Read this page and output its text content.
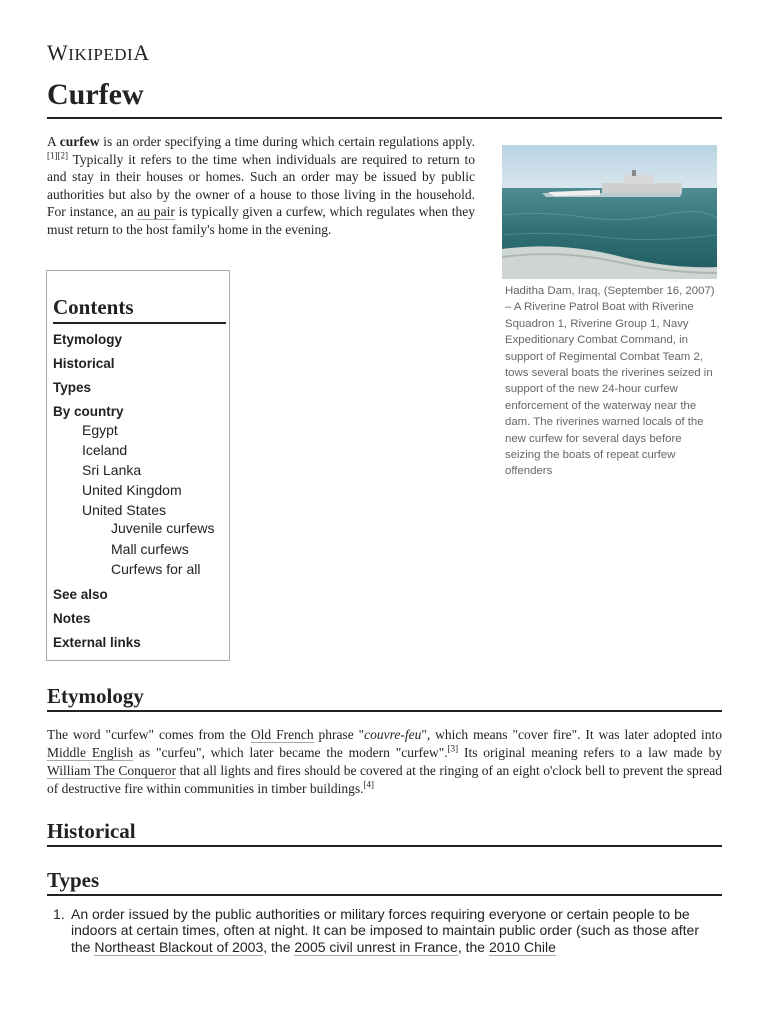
WIKIPEDIA
Curfew

A curfew is an order specifying a time during which certain regulations apply.[1][2] Typically it refers to the time when individuals are required to return to and stay in their houses or homes. Such an order may be issued by public authorities but also by the owner of a house to those living in the household. For instance, an au pair is typically given a curfew, which regulates when they must return to the host family's home in the evening.

Haditha Dam, Iraq, (September 16, 2007) – A Riverine Patrol Boat with Riverine Squadron 1, Riverine Group 1, Navy Expeditionary Combat Command, in support of Regimental Combat Team 2, tows several boats the riverines seized in support of the new 24-hour curfew enforcement of the waterway near the dam. The riverines warned locals of the new curfew for several days before seizing the boats of repeat curfew offenders
Contents
Etymology
Historical
Types
By country
Egypt
Iceland
Sri Lanka
United Kingdom
United States
Juvenile curfews
Mall curfews
Curfews for all
See also
Notes
External links
Etymology

The word "curfew" comes from the Old French phrase "couvre-feu", which means "cover fire". It was later adopted into Middle English as "curfeu", which later became the modern "curfew".[3] Its original meaning refers to a law made by William The Conqueror that all lights and fires should be covered at the ringing of an eight o'clock bell to prevent the spread of destructive fire within communities in timber buildings.[4]

Historical
Types
1. An order issued by the public authorities or military forces requiring everyone or certain people to be indoors at certain times, often at night. It can be imposed to maintain public order (such as those after the Northeast Blackout of 2003, the 2005 civil unrest in France, the 2010 Chile
